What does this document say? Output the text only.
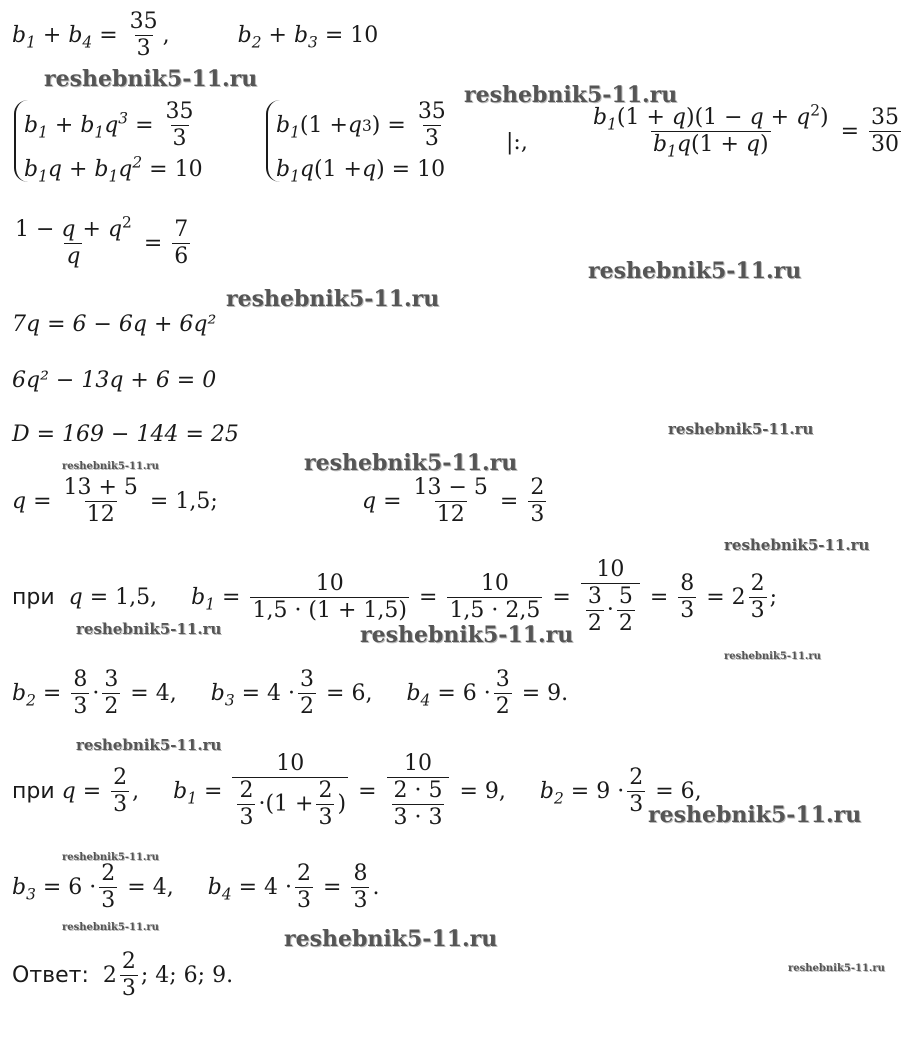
$b_1 + b_4$ =
35
3
,	$b_2 + b_3 = 10$
$b_1 + b_1q^3$ =
35
3
$b_1q + b_1q^2 = 10$
$b_1$ (1 + q 3 ) =
35
3
$b_1q$ (1 + q ) = 10
|:,
$b_1(1 + q)(1 - q + q^2)$
$b_1q(1 + q)$
=
35
30
$1 - q + q^2$
q
=
7
6
7q = 6 − 6q + 6q²
6q² − 13q + 6 = 0
D = 169 − 144 = 25
q =
13 + 5
12
= 1,5;	q =
13 − 5
12
=
2
3
при
q = 1,5, $b_1$ =
10
1,5 · (1 + 1,5)
=
10
1,5 · 2,5
=
10
$\frac{3}{2} \cdot \frac{5}{2}$ =
8
3
= 2
2
3
;
$b_2$ =
8
3
·
3
2
= 4, $b_3 = 4$ ·
3
2
= 6, $b_4 = 6$ ·
3
2
= 9.
при
q =
2
3
, $b_1$ =
10
$\frac{2}{3} \cdot(1 + \frac{2}{3}$ )
=
10
$\frac{2 \cdot 5}{3 \cdot 3} = 9$, $b_2 = 9$ ·
2
3
= 6,
$b_3 = 6$ ·
2
3
= 4, $b_4 = 4$ ·
2
3
=
8
3
.
Ответ:
2
2
3
; 4; 6; 9.
reshebnik5-11.ru
reshebnik5-11.ru
reshebnik5-11.ru
reshebnik5-11.ru
reshebnik5-11.ru
reshebnik5-11.ru	reshebnik5-11.ru
reshebnik5-11.ru
reshebnik5-11.ru	reshebnik5-11.ru
reshebnik5-11.ru
reshebnik5-11.ru
reshebnik5-11.ru
reshebnik5-11.ru
reshebnik5-11.ru	reshebnik5-11.ru
reshebnik5-11.ru
